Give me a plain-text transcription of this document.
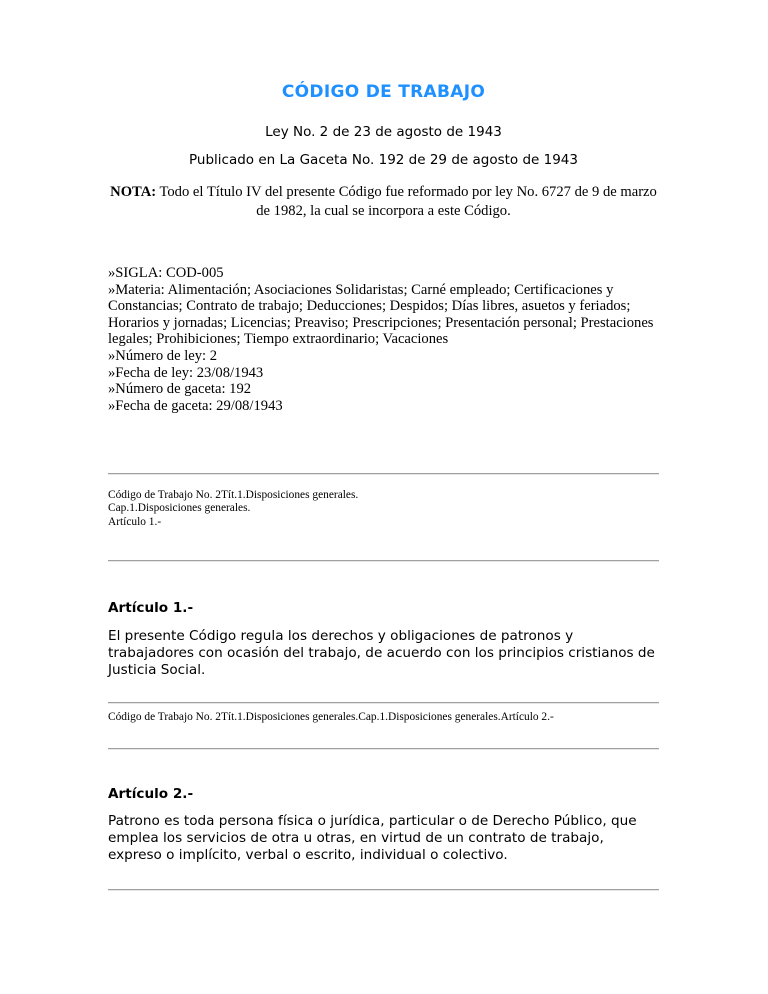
CÓDIGO DE TRABAJO
Ley No. 2 de 23 de agosto de 1943
Publicado en La Gaceta No. 192 de 29 de agosto de 1943
NOTA: Todo el Título IV del presente Código fue reformado por ley No. 6727 de 9 de marzo de 1982, la cual se incorpora a este Código.
»SIGLA: COD-005
»Materia: Alimentación; Asociaciones Solidaristas; Carné empleado; Certificaciones y Constancias; Contrato de trabajo; Deducciones; Despidos; Días libres, asuetos y feriados; Horarios y jornadas; Licencias; Preaviso; Prescripciones; Presentación personal; Prestaciones legales; Prohibiciones; Tiempo extraordinario; Vacaciones
»Número de ley: 2
»Fecha de ley: 23/08/1943
»Número de gaceta: 192
»Fecha de gaceta: 29/08/1943
Código de Trabajo No. 2Tít.1.Disposiciones generales.
Cap.1.Disposiciones generales.
Artículo 1.-
Artículo 1.-
El presente Código regula los derechos y obligaciones de patronos y trabajadores con ocasión del trabajo, de acuerdo con los principios cristianos de Justicia Social.
Código de Trabajo No. 2Tít.1.Disposiciones generales.Cap.1.Disposiciones generales.Artículo 2.-
Artículo 2.-
Patrono es toda persona física o jurídica, particular o de Derecho Público, que emplea los servicios de otra u otras, en virtud de un contrato de trabajo, expreso o implícito, verbal o escrito, individual o colectivo.
